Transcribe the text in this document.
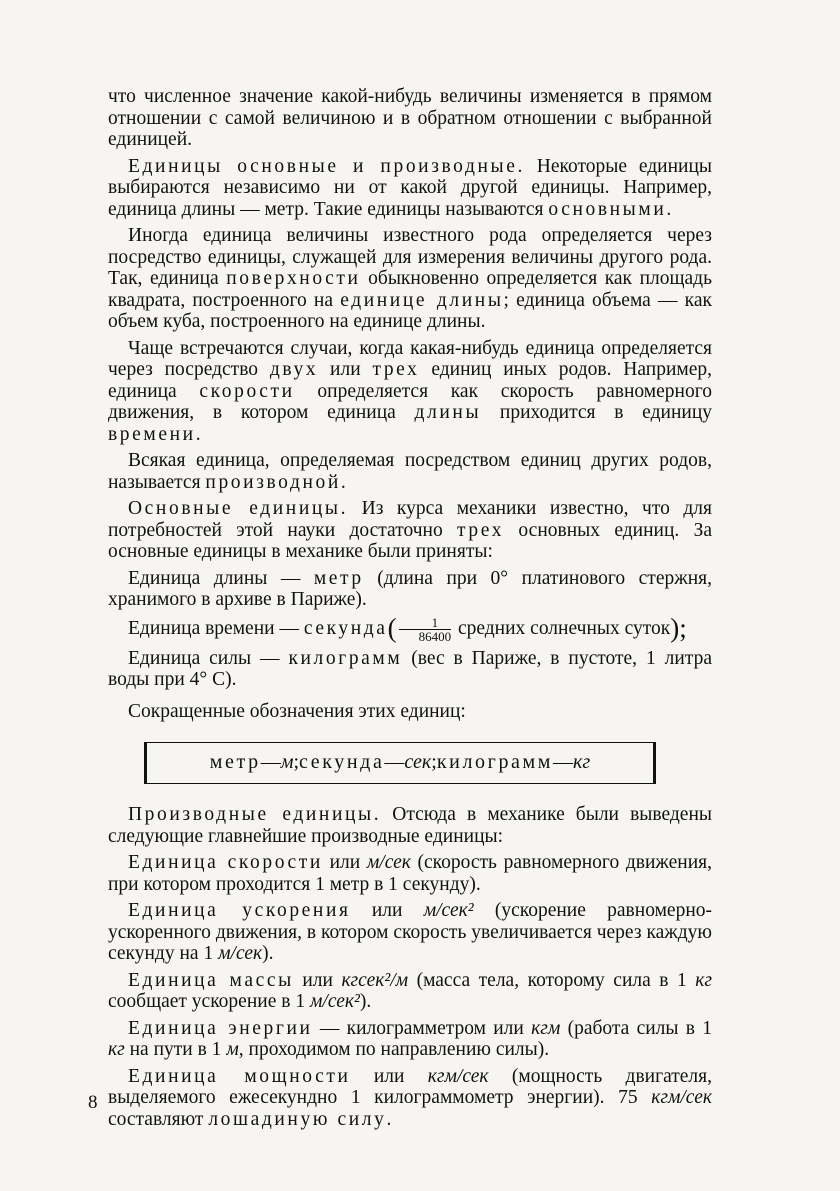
что численное значение какой-нибудь величины изменяется в прямом отношении с самой величиною и в обратном отношении с выбранной единицей.

Единицы основные и производные. Некоторые единицы выбираются независимо ни от какой другой единицы. Например, единица длины — метр. Такие единицы называются основными.

Иногда единица величины известного рода определяется через посредство единицы, служащей для измерения величины другого рода. Так, единица поверхности обыкновенно определяется как площадь квадрата, построенного на единице длины; единица объема — как объем куба, построенного на единице длины.

Чаще встречаются случаи, когда какая-нибудь единица определяется через посредство двух или трех единиц иных родов. Например, единица скорости определяется как скорость равномерного движения, в котором единица длины приходится в единицу времени.

Всякая единица, определяемая посредством единиц других родов, называется производной.

Основные единицы. Из курса механики известно, что для потребностей этой науки достаточно трех основных единиц. За основные единицы в механике были приняты:

Единица длины — метр (длина при 0° платинового стержня, хранимого в архиве в Париже).

Единица времени — секунда( $\frac{1}{86400}$ средних солнечных суток);

Единица силы — килограмм (вес в Париже, в пустоте, 1 литра воды при 4° С).

Сокращенные обозначения этих единиц:

метр — м ; секунда — сек ; килограмм — кг

Производные единицы. Отсюда в механике были выведены следующие главнейшие производные единицы:

Единица скорости или м/сек (скорость равномерного движения, при котором проходится 1 метр в 1 секунду).

Единица ускорения или м/сек² (ускорение равномерно-ускоренного движения, в котором скорость увеличивается через каждую секунду на 1 м/сек).

Единица массы или кгсек²/м (масса тела, которому сила в 1 кг сообщает ускорение в 1 м/сек²).

Единица энергии — килограмметром или кгм (работа силы в 1 кг на пути в 1 м, проходимом по направлению силы).

Единица мощности или кгм/сек (мощность двигателя, выделяемого ежесекундно 1 килограммометр энергии). 75 кгм/сек составляют лошадиную силу.

8
